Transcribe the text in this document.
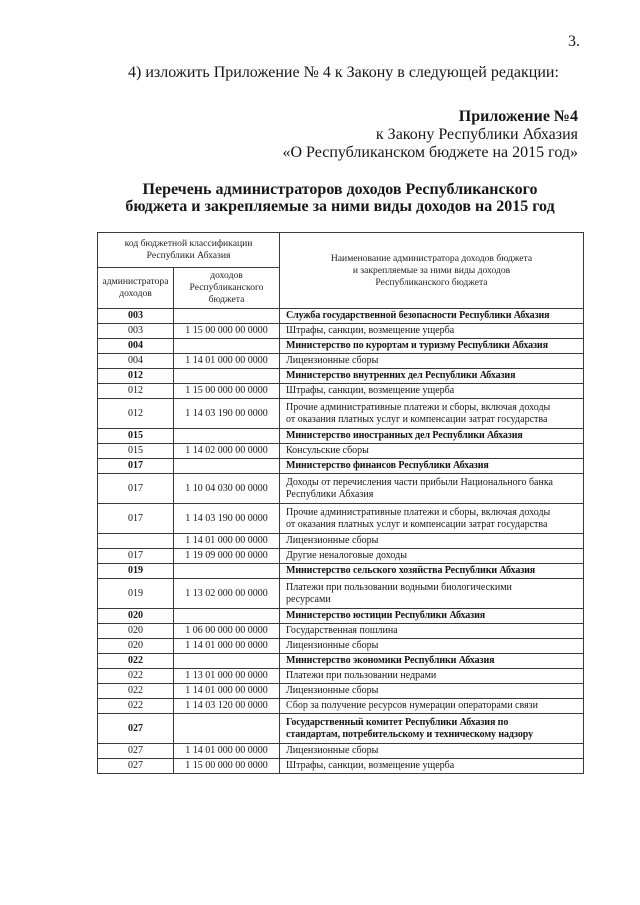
3.
4) изложить Приложение № 4 к Закону в следующей редакции:
Приложение №4
к Закону Республики Абхазия
«О Республиканском бюджете на 2015 год»
Перечень администраторов доходов Республиканского
бюджета и закрепляемые за ними виды доходов на 2015 год
код бюджетной классификации
Республики Абхазия		Наименование администратора доходов бюджета
и закрепляемые за ними виды доходов
Республиканского бюджета

администратора
доходов	доходов
Республиканского
бюджета	

003		Служба государственной безопасности Республики Абхазия

003	1 15 00 000 00 0000	Штрафы, санкции, возмещение ущерба

004		Министерство по курортам и туризму Республики Абхазия

004	1 14 01 000 00 0000	Лицензионные сборы

012		Министерство внутренних дел Республики Абхазия

012	1 15 00 000 00 0000	Штрафы, санкции, возмещение ущерба

012	1 14 03 190 00 0000	Прочие административные платежи и сборы, включая доходы
от оказания платных услуг и компенсации затрат государства

015		Министерство иностранных дел Республики Абхазия

015	1 14 02 000 00 0000	Консульские сборы

017		Министерство финансов Республики Абхазия

017	1 10 04 030 00 0000	Доходы от перечисления части прибыли Национального банка
Республики Абхазия

017	1 14 03 190 00 0000	Прочие административные платежи и сборы, включая доходы
от оказания платных услуг и компенсации затрат государства

	1 14 01 000 00 0000	Лицензионные сборы

017	1 19 09 000 00 0000	Другие неналоговые доходы

019		Министерство сельского хозяйства Республики Абхазия

019	1 13 02 000 00 0000	Платежи при пользовании водными биологическими
ресурсами

020		Министерство юстиции Республики Абхазия

020	1 06 00 000 00 0000	Государственная пошлина

020	1 14 01 000 00 0000	Лицензионные сборы

022		Министерство экономики Республики Абхазия

022	1 13 01 000 00 0000	Платежи при пользовании недрами

022	1 14 01 000 00 0000	Лицензионные сборы

022	1 14 03 120 00 0000	Сбор за получение ресурсов нумерации операторами связи

027		Государственный комитет Республики Абхазия по
стандартам, потребительскому и техническому надзору

027	1 14 01 000 00 0000	Лицензионные сборы

027	1 15 00 000 00 0000	Штрафы, санкции, возмещение ущерба
